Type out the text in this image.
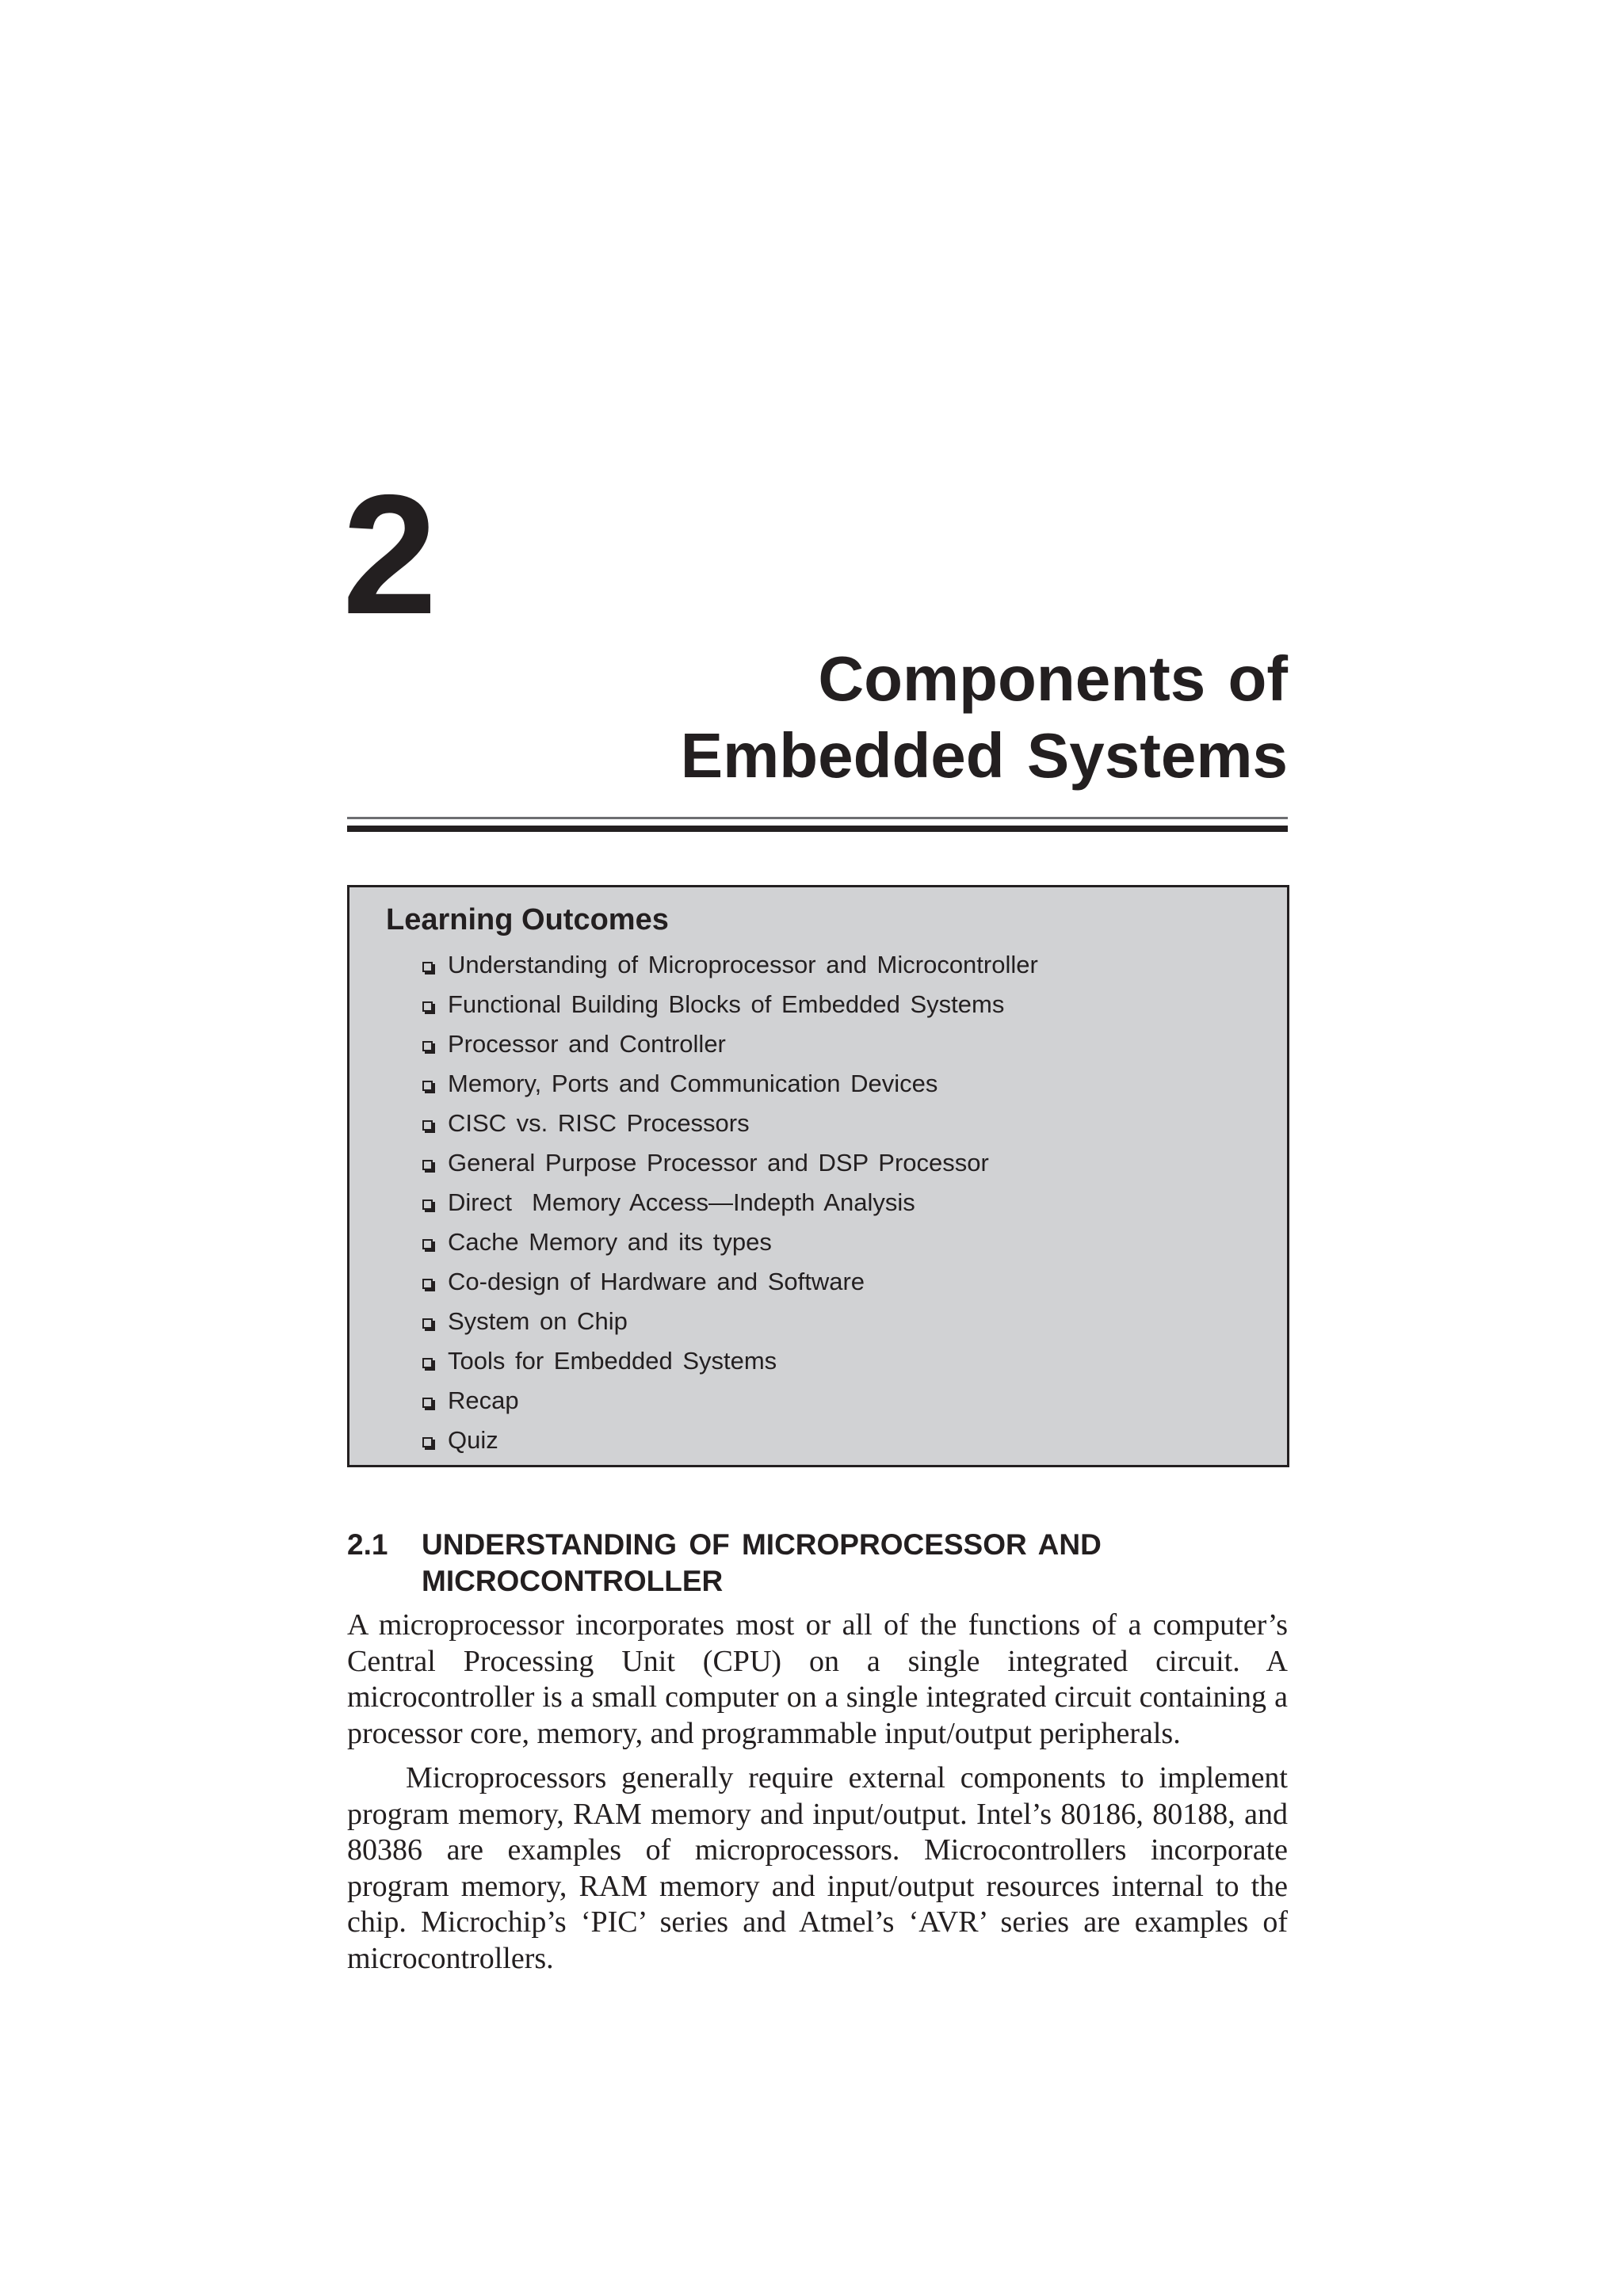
2
Components of
Embedded Systems
Learning Outcomes
Understanding of Microprocessor and Microcontroller
Functional Building Blocks of Embedded Systems
Processor and Controller
Memory, Ports and Communication Devices
CISC vs. RISC Processors
General Purpose Processor and DSP Processor
Direct  Memory Access—Indepth Analysis
Cache Memory and its types
Co-design of Hardware and Software
System on Chip
Tools for Embedded Systems
Recap
Quiz
2.1 UNDERSTANDING OF MICROPROCESSOR AND MICROCONTROLLER

A microprocessor incorporates most or all of the functions of a computer’s Central Processing Unit (CPU) on a single integrated circuit. A microcontroller is a small computer on a single integrated circuit containing a processor core, memory, and programmable input/output peripherals.

Microprocessors generally require external components to implement program memory, RAM memory and input/output. Intel’s 80186, 80188, and 80386 are examples of microprocessors. Microcontrollers incorporate program memory, RAM memory and input/output resources internal to the chip. Microchip’s ‘PIC’ series and Atmel’s ‘AVR’ series are examples of microcontrollers.
